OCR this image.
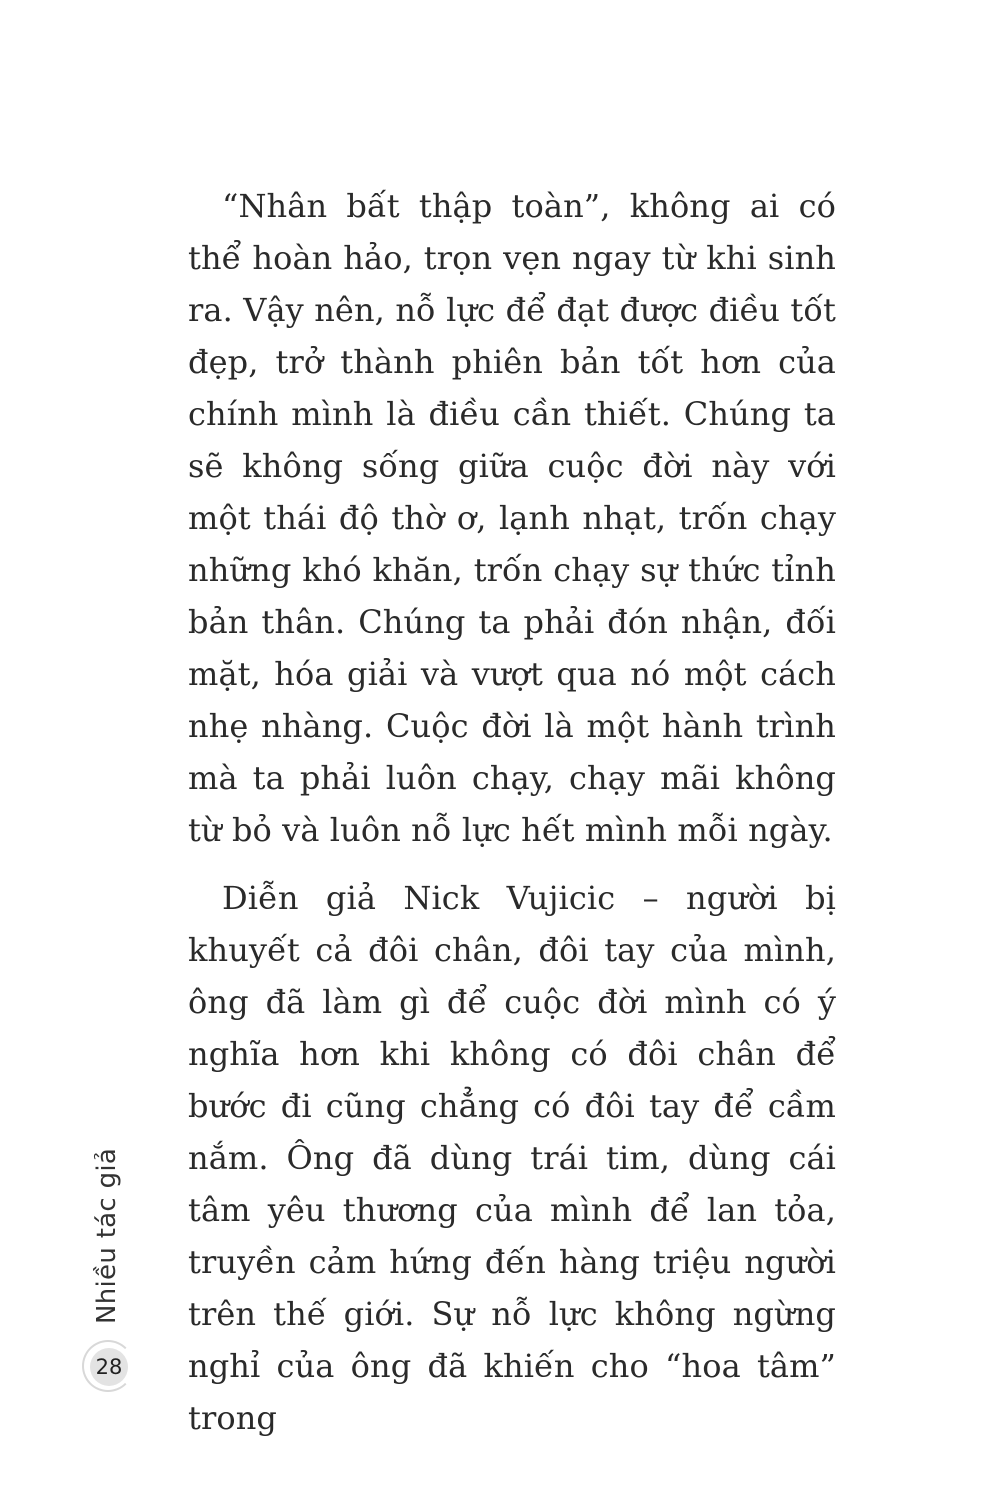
“Nhân bất thập toàn”, không ai có thể hoàn hảo, trọn vẹn ngay từ khi sinh ra. Vậy nên, nỗ lực để đạt được điều tốt đẹp, trở thành phiên bản tốt hơn của chính mình là điều cần thiết. Chúng ta sẽ không sống giữa cuộc đời này với một thái độ thờ ơ, lạnh nhạt, trốn chạy những khó khăn, trốn chạy sự thức tỉnh bản thân. Chúng ta phải đón nhận, đối mặt, hóa giải và vượt qua nó một cách nhẹ nhàng. Cuộc đời là một hành trình mà ta phải luôn chạy, chạy mãi không từ bỏ và luôn nỗ lực hết mình mỗi ngày.

Diễn giả Nick Vujicic – người bị khuyết cả đôi chân, đôi tay của mình, ông đã làm gì để cuộc đời mình có ý nghĩa hơn khi không có đôi chân để bước đi cũng chẳng có đôi tay để cầm nắm. Ông đã dùng trái tim, dùng cái tâm yêu thương của mình để lan tỏa, truyền cảm hứng đến hàng triệu người trên thế giới. Sự nỗ lực không ngừng nghỉ của ông đã khiến cho “hoa tâm” trong

Nhiều tác giả
28
